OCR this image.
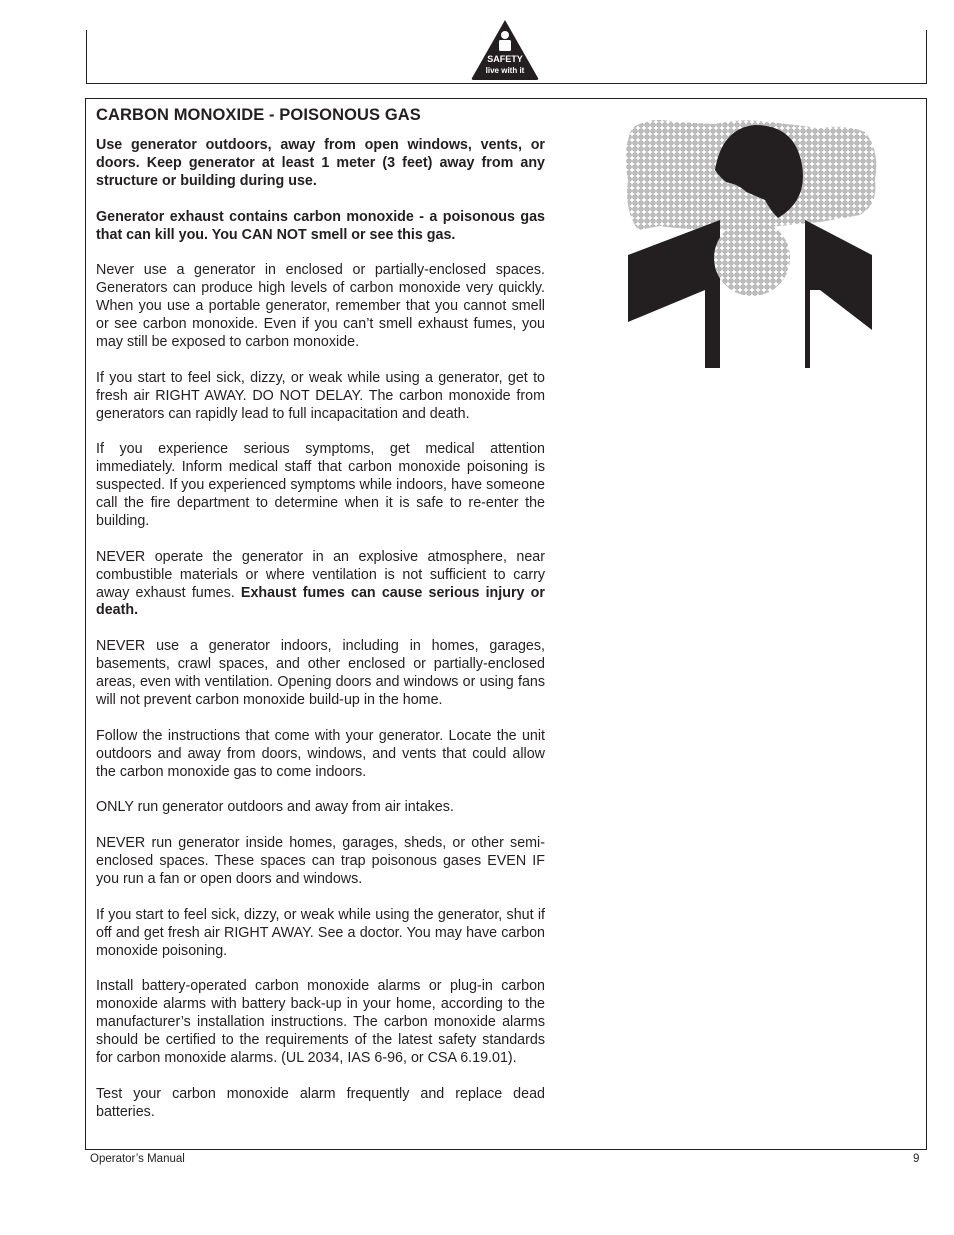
SAFETY
live with it
CARBON MONOXIDE - POISONOUS GAS

Use generator outdoors, away from open windows, vents, or doors. Keep generator at least 1 meter (3 feet) away from any structure or building during use.

Generator exhaust contains carbon monoxide - a poisonous gas that can kill you. You CAN NOT smell or see this gas.

Never use a generator in enclosed or partially-enclosed spaces. Generators can produce high levels of carbon monoxide very quickly. When you use a portable generator, remember that you cannot smell or see carbon monoxide. Even if you can’t smell exhaust fumes, you may still be exposed to carbon monoxide.

If you start to feel sick, dizzy, or weak while using a generator, get to fresh air RIGHT AWAY. DO NOT DELAY. The carbon monoxide from generators can rapidly lead to full incapacitation and death.

If you experience serious symptoms, get medical attention immediately. Inform medical staff that carbon monoxide poisoning is suspected. If you experienced symptoms while indoors, have someone call the fire department to determine when it is safe to re-enter the building.

NEVER operate the generator in an explosive atmosphere, near combustible materials or where ventilation is not sufficient to carry away exhaust fumes. Exhaust fumes can cause serious injury or death.

NEVER use a generator indoors, including in homes, garages, basements, crawl spaces, and other enclosed or partially-enclosed areas, even with ventilation. Opening doors and windows or using fans will not prevent carbon monoxide build-up in the home.

Follow the instructions that come with your generator. Locate the unit outdoors and away from doors, windows, and vents that could allow the carbon monoxide gas to come indoors.

ONLY run generator outdoors and away from air intakes.

NEVER run generator inside homes, garages, sheds, or other semi-enclosed spaces. These spaces can trap poisonous gases EVEN IF you run a fan or open doors and windows.

If you start to feel sick, dizzy, or weak while using the generator, shut if off and get fresh air RIGHT AWAY. See a doctor. You may have carbon monoxide poisoning.

Install battery-operated carbon monoxide alarms or plug-in carbon monoxide alarms with battery back-up in your home, according to the manufacturer’s installation instructions. The carbon monoxide alarms should be certified to the requirements of the latest safety standards for carbon monoxide alarms. (UL 2034, IAS 6-96, or CSA 6.19.01).

Test your carbon monoxide alarm frequently and replace dead batteries.

Operator’s Manual	9
